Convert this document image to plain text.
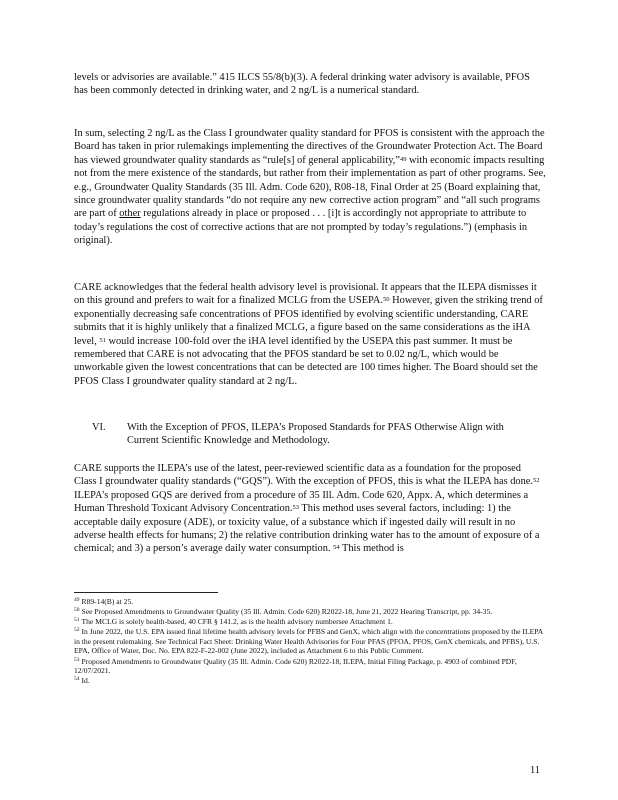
levels or advisories are available.” 415 ILCS 55/8(b)(3). A federal drinking water advisory is available, PFOS has been commonly detected in drinking water, and 2 ng/L is a numerical standard.

In sum, selecting 2 ng/L as the Class I groundwater quality standard for PFOS is consistent with the approach the Board has taken in prior rulemakings implementing the directives of the Groundwater Protection Act. The Board has viewed groundwater quality standards as “rule[s] of general applicability,”$^{49}$ with economic impacts resulting not from the mere existence of the standards, but rather from their implementation as part of other programs. See, e.g., Groundwater Quality Standards (35 Ill. Adm. Code 620), R08-18, Final Order at 25 (Board explaining that, since groundwater quality standards “do not require any new corrective action program” and “all such programs are part of other regulations already in place or proposed . . . [i]t is accordingly not appropriate to attribute to today’s regulations the cost of corrective actions that are not prompted by today’s regulations.”) (emphasis in original).

CARE acknowledges that the federal health advisory level is provisional. It appears that the ILEPA dismisses it on this ground and prefers to wait for a finalized MCLG from the USEPA.$^{50}$ However, given the striking trend of exponentially decreasing safe concentrations of PFOS identified by evolving scientific understanding, CARE submits that it is highly unlikely that a finalized MCLG, a figure based on the same considerations as the iHA level, $^{51}$ would increase 100-fold over the iHA level identified by the USEPA this past summer. It must be remembered that CARE is not advocating that the PFOS standard be set to 0.02 ng/L, which would be unworkable given the lowest concentrations that can be detected are 100 times higher. The Board should set the PFOS Class I groundwater quality standard at 2 ng/L.

VI. With the Exception of PFOS, ILEPA’s Proposed Standards for PFAS Otherwise Align with Current Scientific Knowledge and Methodology.

CARE supports the ILEPA’s use of the latest, peer-reviewed scientific data as a foundation for the proposed Class I groundwater quality standards (“GQS”). With the exception of PFOS, this is what the ILEPA has done.$^{52}$ ILEPA’s proposed GQS are derived from a procedure of 35 Ill. Adm. Code 620, Appx. A, which determines a Human Threshold Toxicant Advisory Concentration.$^{53}$ This method uses several factors, including: 1) the acceptable daily exposure (ADE), or toxicity value, of a substance which if ingested daily will result in no adverse health effects for humans; 2) the relative contribution drinking water has to the amount of exposure of a chemical; and 3) a person’s average daily water consumption. $^{54}$ This method is

$^{49}$ R89-14(B) at 25.

$^{50}$ See Proposed Amendments to Groundwater Quality (35 Ill. Admin. Code 620) R2022-18, June 21, 2022 Hearing Transcript, pp. 34-35.

$^{51}$ The MCLG is solely health-based, 40 CFR § 141.2, as is the health advisory numbersee Attachment 1.

$^{52}$ In June 2022, the U.S. EPA issued final lifetime health advisory levels for PFBS and GenX, which align with the concentrations proposed by the ILEPA in the present rulemaking. See Technical Fact Sheet: Drinking Water Health Advisories for Four PFAS (PFOA, PFOS, GenX chemicals, and PFBS), U.S. EPA, Office of Water, Doc. No. EPA 822-F-22-002 (June 2022), included as Attachment 6 to this Public Comment.

$^{53}$ Proposed Amendments to Groundwater Quality (35 Ill. Admin. Code 620) R2022-18, ILEPA, Initial Filing Package, p. 4903 of combined PDF, 12/07/2021.

$^{54}$ Id.

11
